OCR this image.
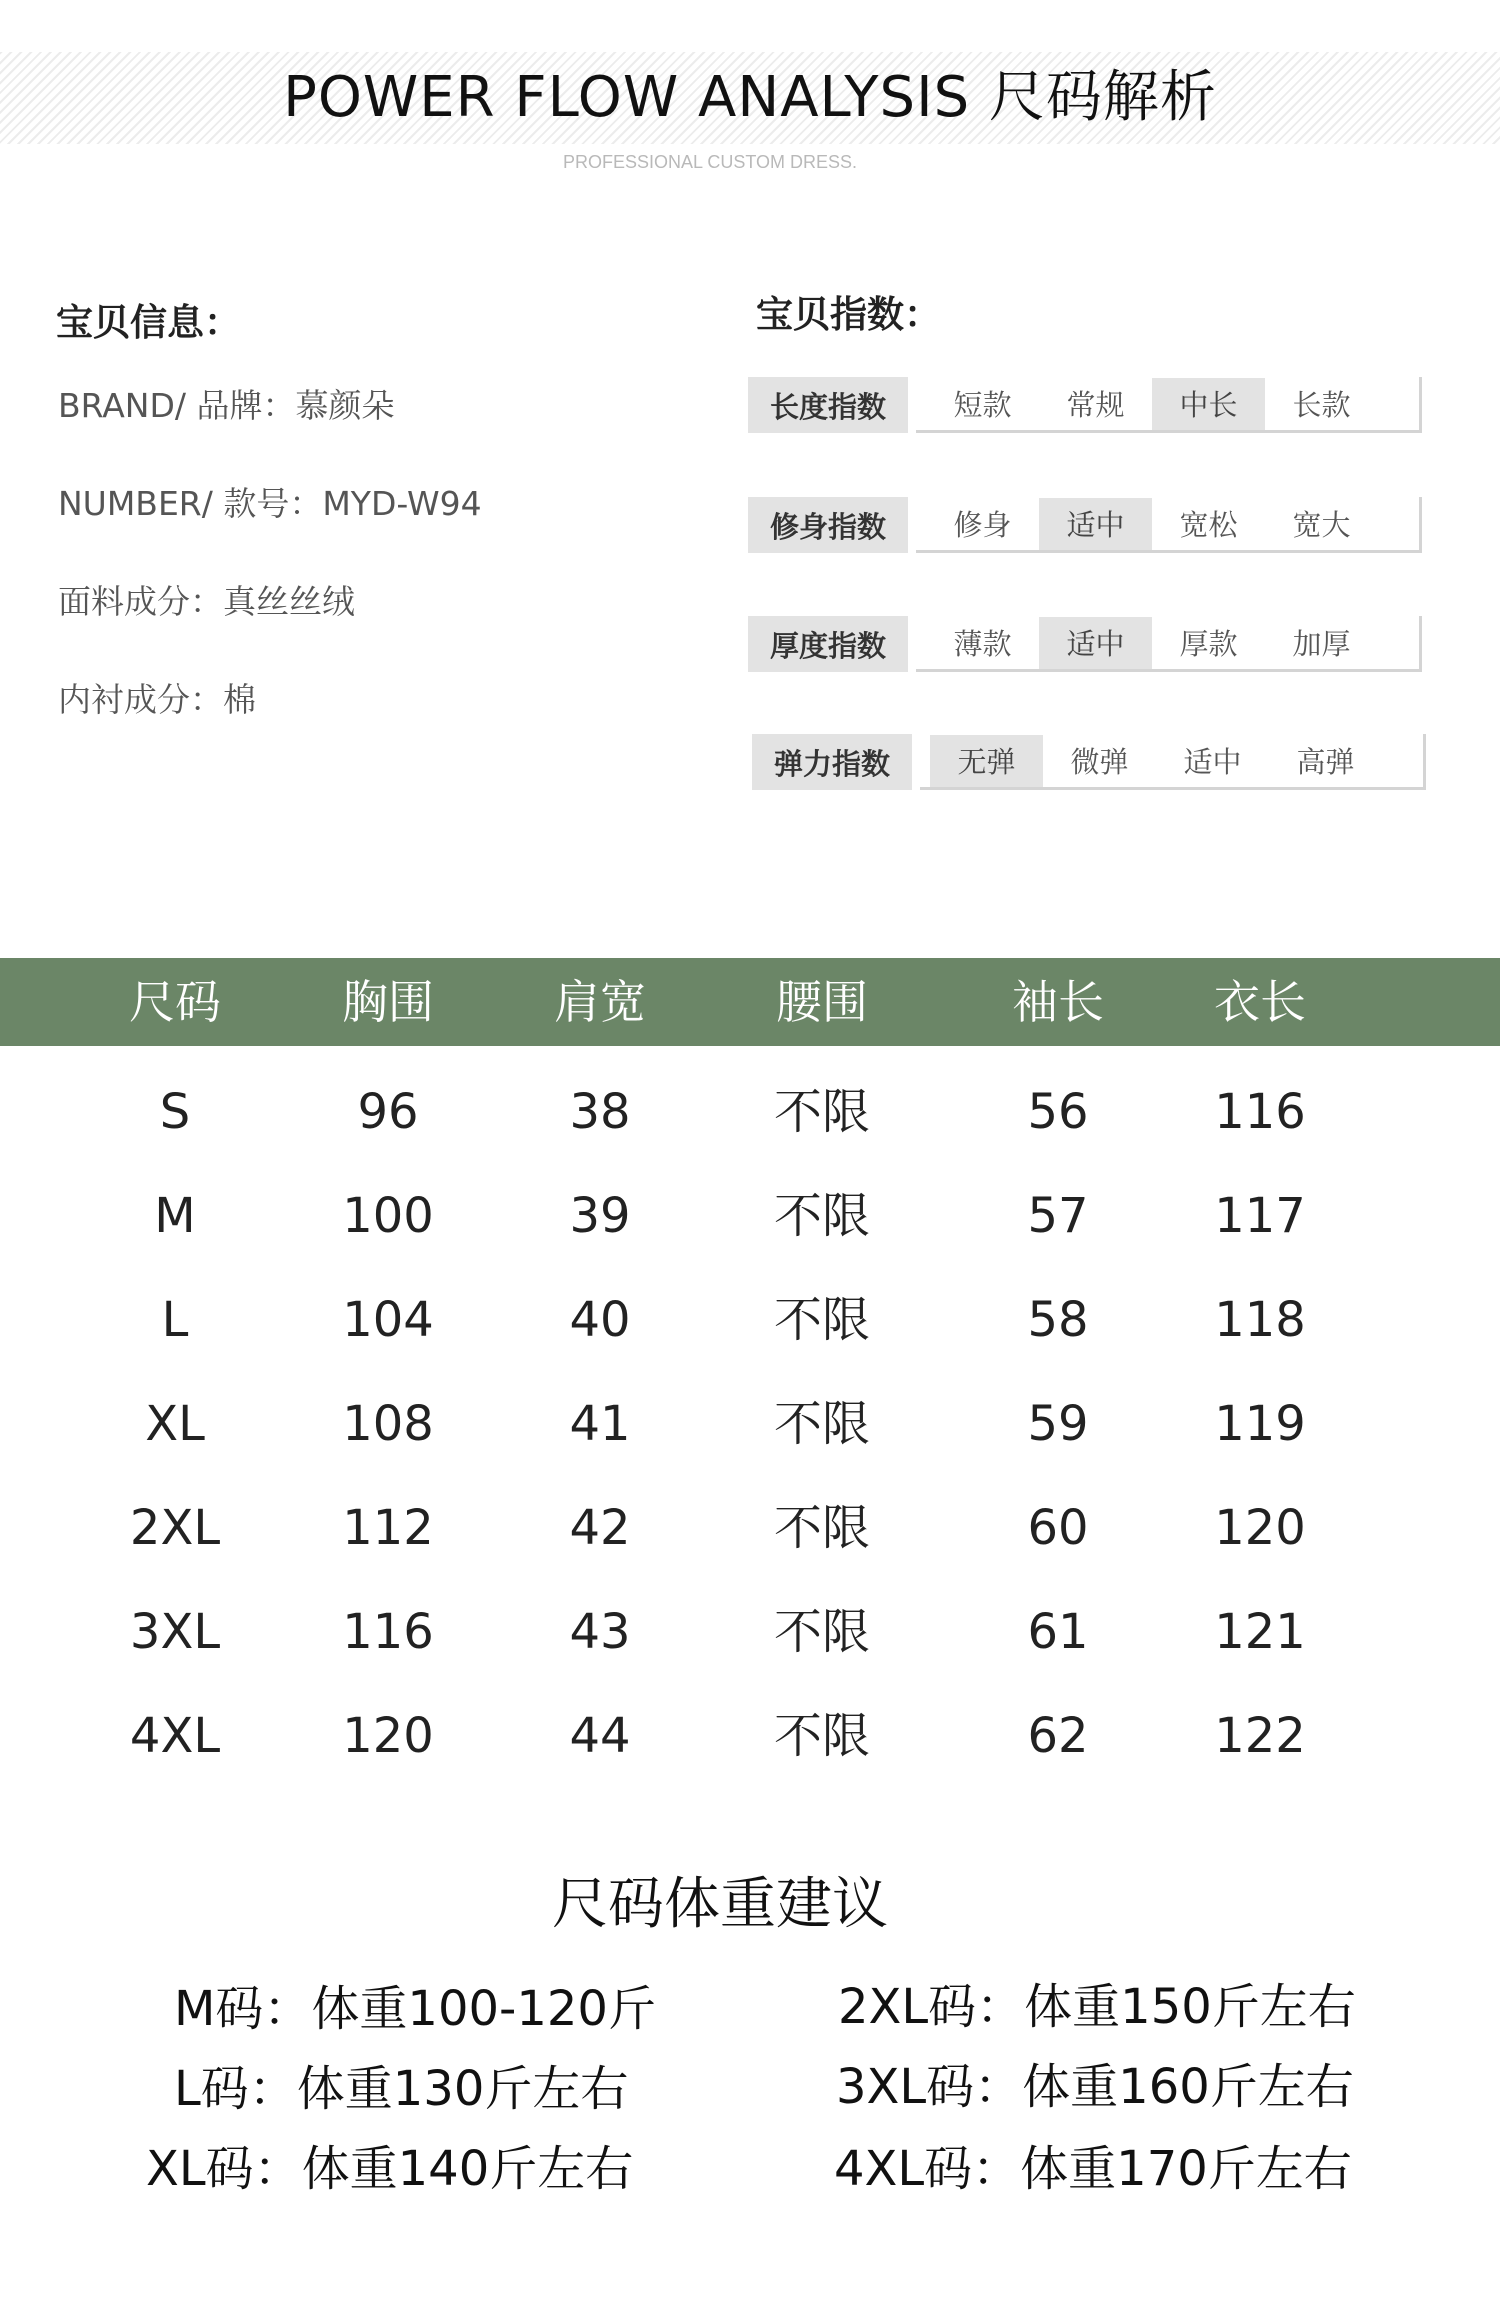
POWER FLOW ANALYSIS 尺码解析
PROFESSIONAL CUSTOM DRESS.
宝贝信息：
BRAND/ 品牌：慕颜朵
NUMBER/ 款号：MYD-W94
面料成分：真丝丝绒
内衬成分：棉
宝贝指数：
长度指数	短款	常规	中长	长款
修身指数	修身	适中	宽松	宽大
厚度指数	薄款	适中	厚款	加厚
弹力指数	无弹	微弹	适中	高弹
尺码	胸围	肩宽	腰围	袖长	衣长
S	96	38	不限	56	116
M	100	39	不限	57	117
L	104	40	不限	58	118
XL	108	41	不限	59	119
2XL	112	42	不限	60	120
3XL	116	43	不限	61	121
4XL	120	44	不限	62	122
尺码体重建议
M码：体重100-120斤
L码：体重130斤左右
XL码：体重140斤左右
2XL码：体重150斤左右
3XL码：体重160斤左右
4XL码：体重170斤左右
